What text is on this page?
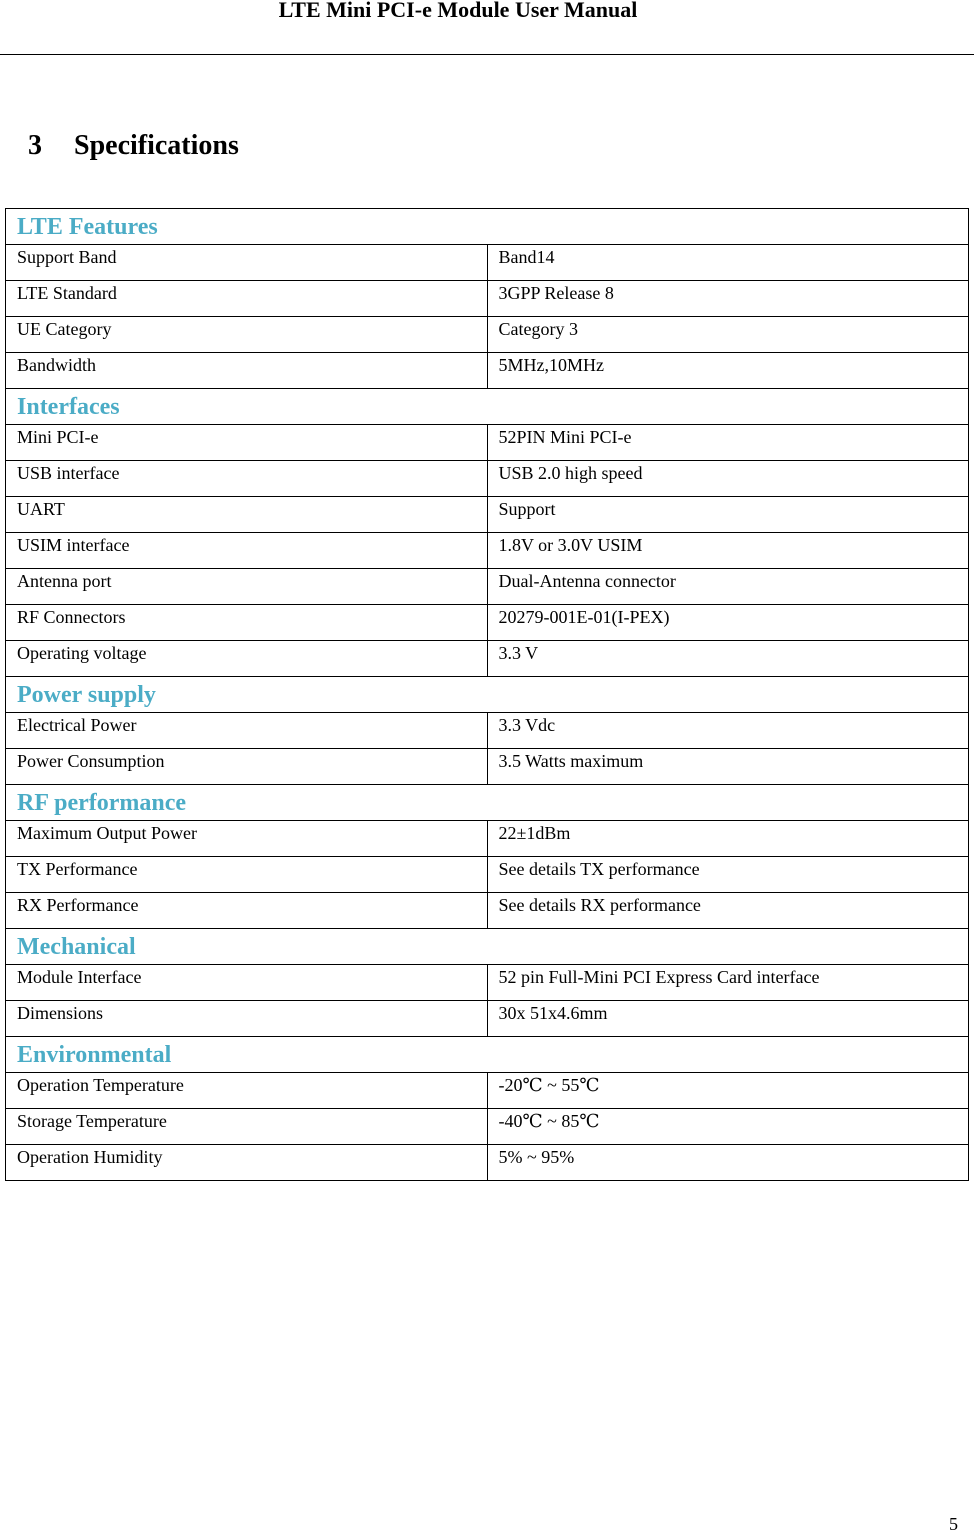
LTE Mini PCI-e Module User Manual
3 Specifications
LTE Features	
Support Band	Band14
LTE Standard	3GPP Release 8
UE Category	Category 3
Bandwidth	5MHz,10MHz
Interfaces	
Mini PCI-e	52PIN Mini PCI-e
USB interface	USB 2.0 high speed
UART	Support
USIM interface	1.8V or 3.0V USIM
Antenna port	Dual-Antenna connector
RF Connectors	20279-001E-01(I-PEX)
Operating voltage	3.3 V
Power supply	
Electrical Power	3.3 Vdc
Power Consumption	3.5 Watts maximum
RF performance	
Maximum Output Power	22±1dBm
TX Performance	See details TX performance
RX Performance	See details RX performance
Mechanical	
Module Interface	52 pin Full-Mini PCI Express Card interface
Dimensions	30x 51x4.6mm
Environmental	
Operation Temperature	-20℃ ~ 55℃
Storage Temperature	-40℃ ~ 85℃
Operation Humidity	5% ~ 95%
5
